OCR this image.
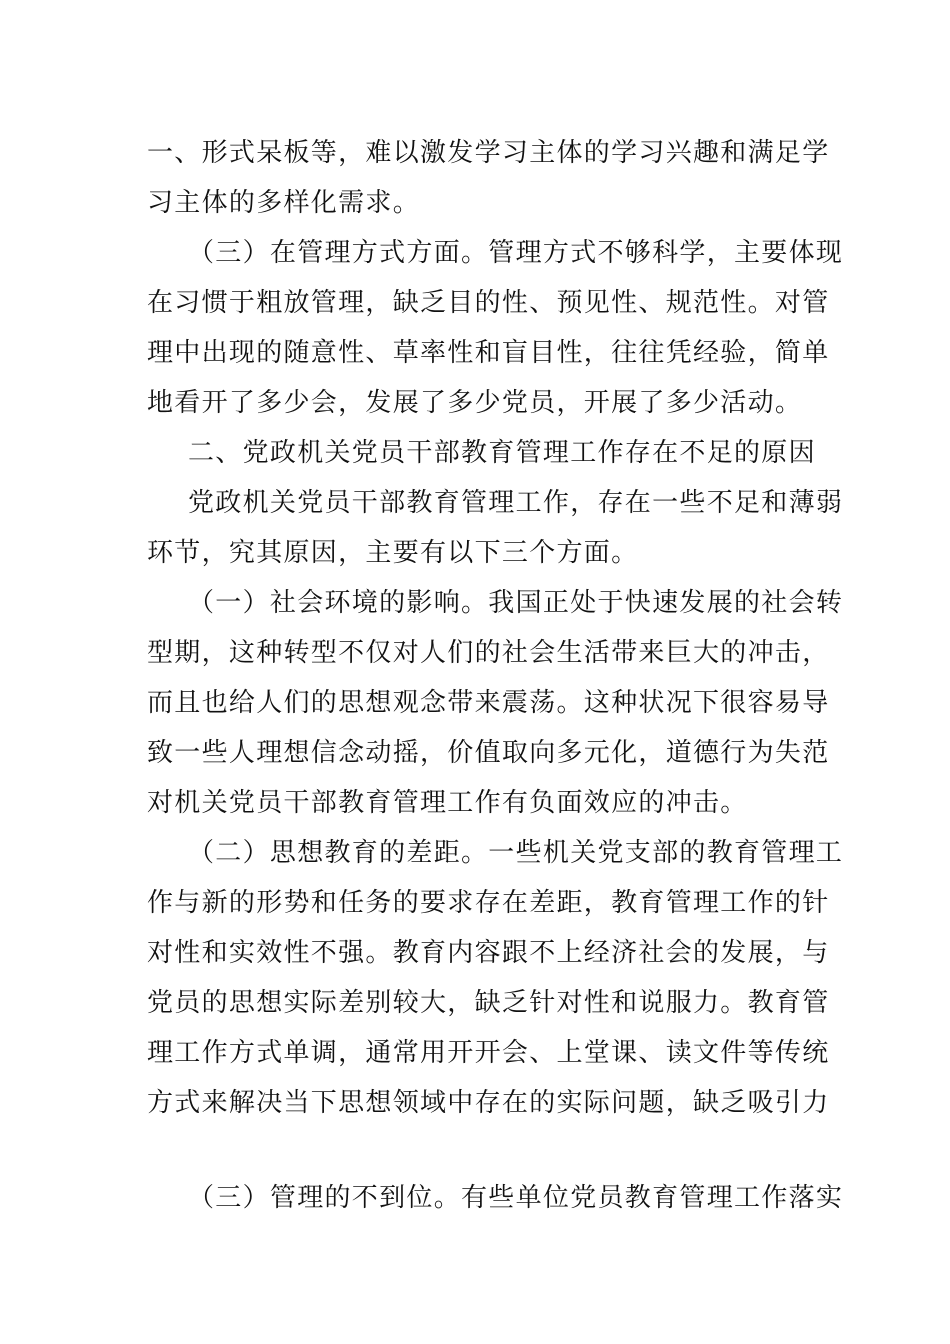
一、形式呆板等，难以激发学习主体的学习兴趣和满足学
习主体的多样化需求。
（三）在管理方式方面。管理方式不够科学，主要体现
在习惯于粗放管理，缺乏目的性、预见性、规范性。对管
理中出现的随意性、草率性和盲目性，往往凭经验，简单
地看开了多少会，发展了多少党员，开展了多少活动。
二、党政机关党员干部教育管理工作存在不足的原因
党政机关党员干部教育管理工作，存在一些不足和薄弱
环节，究其原因，主要有以下三个方面。
（一）社会环境的影响。我国正处于快速发展的社会转
型期，这种转型不仅对人们的社会生活带来巨大的冲击，
而且也给人们的思想观念带来震荡。这种状况下很容易导
致一些人理想信念动摇，价值取向多元化，道德行为失范
对机关党员干部教育管理工作有负面效应的冲击。
（二）思想教育的差距。一些机关党支部的教育管理工
作与新的形势和任务的要求存在差距，教育管理工作的针
对性和实效性不强。教育内容跟不上经济社会的发展，与
党员的思想实际差别较大，缺乏针对性和说服力。教育管
理工作方式单调，通常用开开会、上堂课、读文件等传统
方式来解决当下思想领域中存在的实际问题，缺乏吸引力
（三）管理的不到位。有些单位党员教育管理工作落实
